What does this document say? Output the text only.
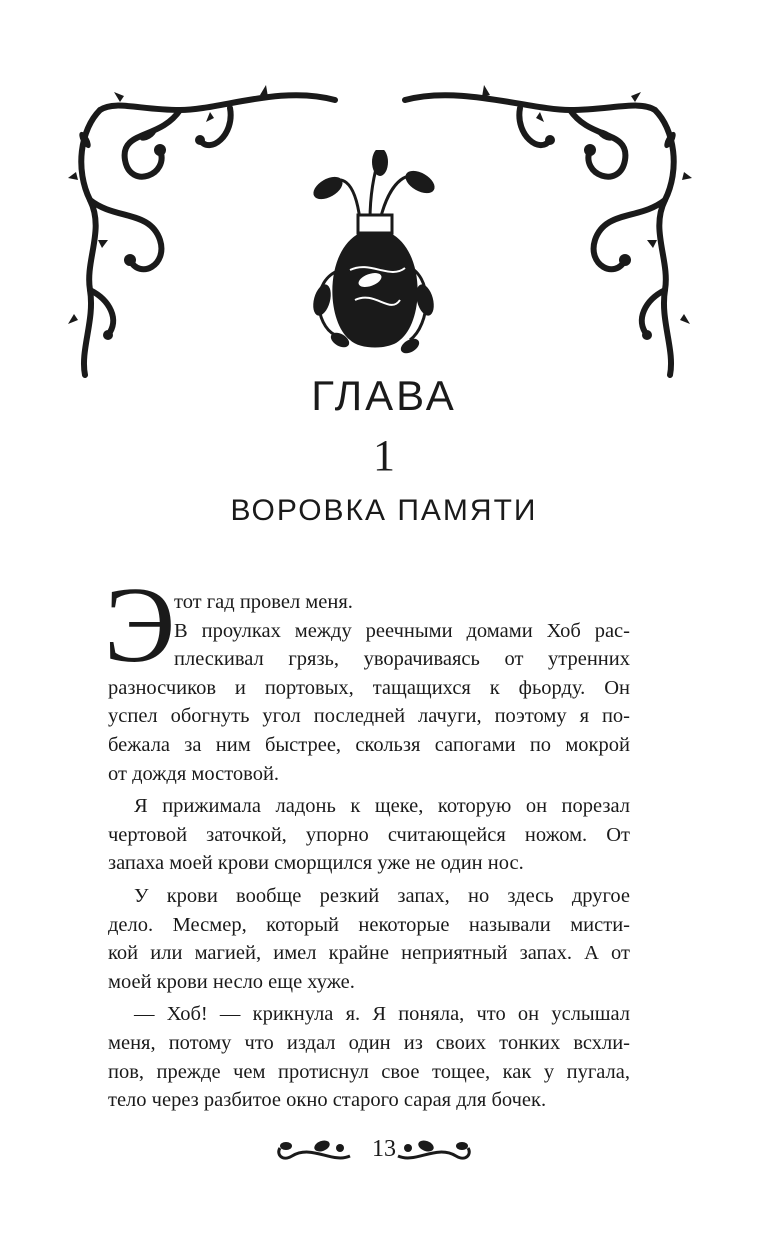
ГЛАВА
1
ВОРОВКА ПАМЯТИ
Э
тот гад провел меня.
В проулках между реечными домами Хоб рас-
плескивал грязь, уворачиваясь от утренних
разносчиков и портовых, тащащихся к фьорду. Он
успел обогнуть угол последней лачуги, поэтому я по-
бежала за ним быстрее, скользя сапогами по мокрой
от дождя мостовой.
Я прижимала ладонь к щеке, которую он порезал
чертовой заточкой, упорно считающейся ножом. От
запаха моей крови сморщился уже не один нос.
У крови вообще резкий запах, но здесь другое
дело. Месмер, который некоторые называли мисти-
кой или магией, имел крайне неприятный запах. А от
моей крови несло еще хуже.
— Хоб! — крикнула я. Я поняла, что он услышал
меня, потому что издал один из своих тонких всхли-
пов, прежде чем протиснул свое тощее, как у пугала,
тело через разбитое окно старого сарая для бочек.
13
